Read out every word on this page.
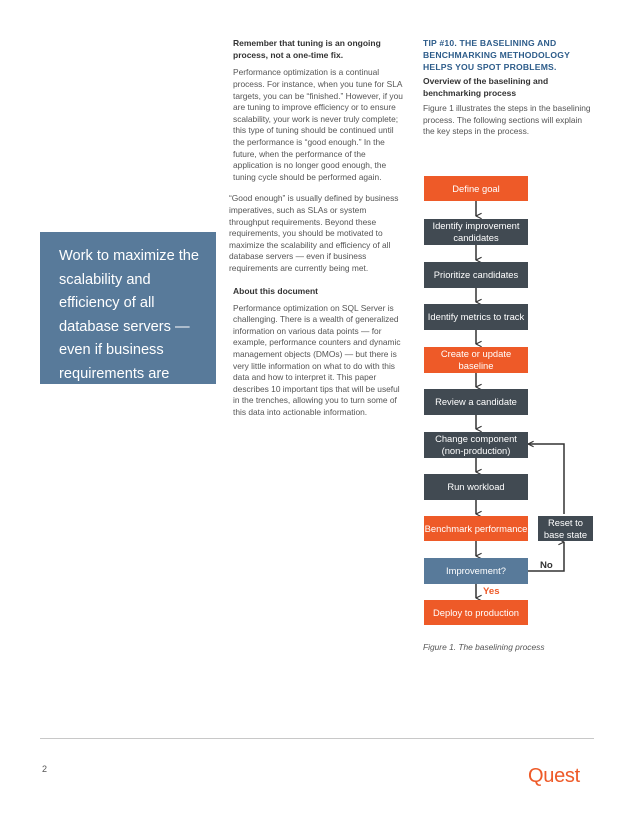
Work to maximize the scalability and efficiency of all database servers — even if business requirements are currently being met.

Remember that tuning is an ongoing process, not a one-time fix.

Performance optimization is a continual process. For instance, when you tune for SLA targets, you can be “finished.” However, if you are tuning to improve efficiency or to ensure scalability, your work is never truly complete; this type of tuning should be continued until the performance is “good enough.” In the future, when the performance of the application is no longer good enough, the tuning cycle should be performed again.

“Good enough” is usually defined by business imperatives, such as SLAs or system throughput requirements. Beyond these requirements, you should be motivated to maximize the scalability and efficiency of all database servers — even if business requirements are currently being met.

About this document

Performance optimization on SQL Server is challenging. There is a wealth of generalized information on various data points — for example, performance counters and dynamic management objects (DMOs) — but there is very little information on what to do with this data and how to interpret it. This paper describes 10 important tips that will be useful in the trenches, allowing you to turn some of this data into actionable information.

TIP #10. THE BASELINING AND BENCHMARKING METHODOLOGY HELPS YOU SPOT PROBLEMS.
Overview of the baselining and benchmarking process
Figure 1 illustrates the steps in the baselining process. The following sections will explain the key steps in the process.
Define goal
Identify improvement candidates
Prioritize candidates
Identify metrics to track
Create or update baseline
Review a candidate
Change component (non-production)
Run workload
Benchmark performance
Improvement?
Deploy to production
Reset to base state
Yes
No
Figure 1. The baselining process
2	Quest
